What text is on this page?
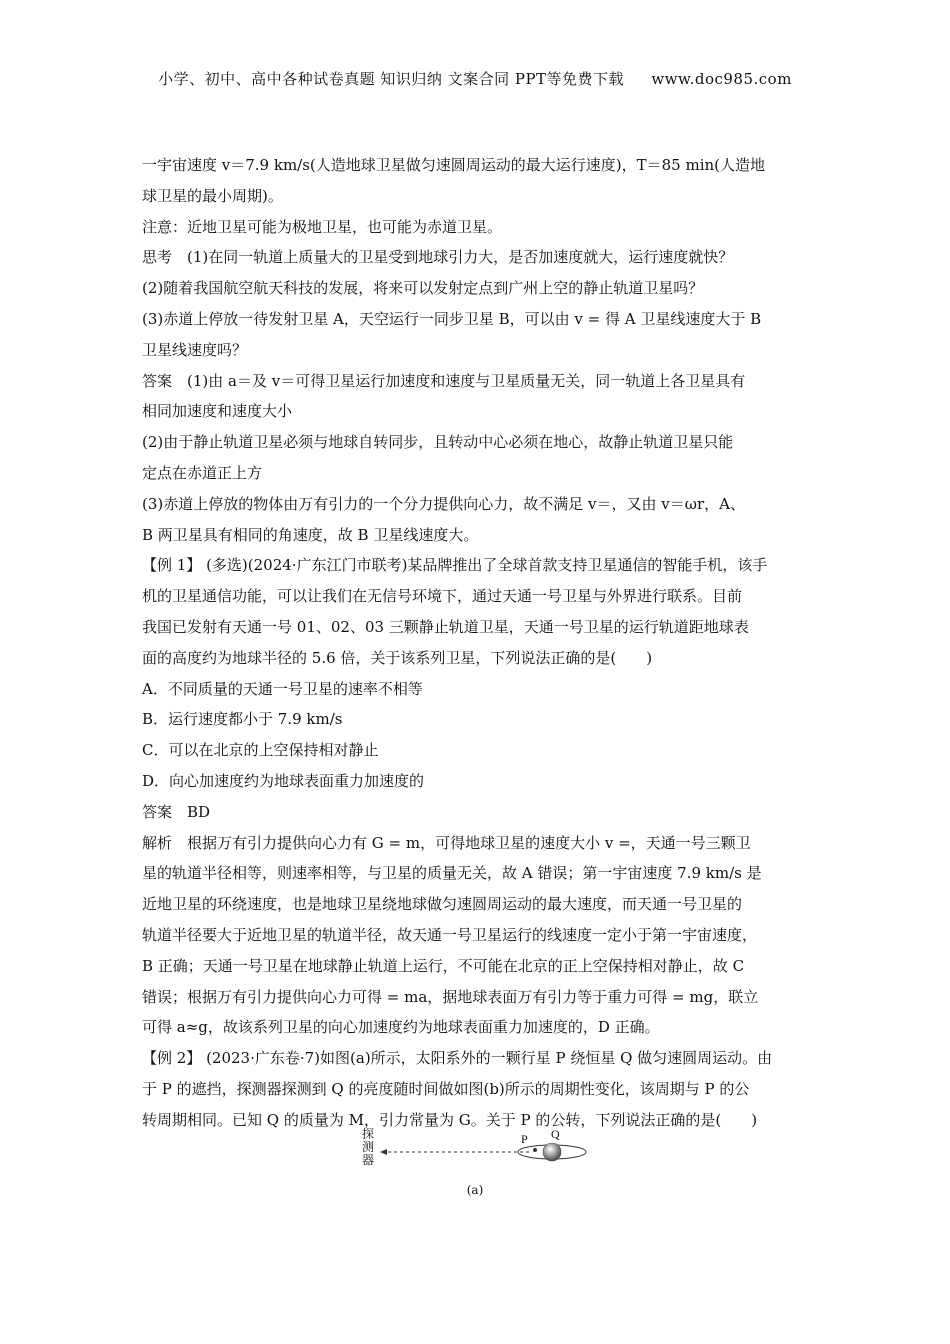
小学、初中、高中各种试卷真题 知识归纳 文案合同 PPT等免费下载 www.doc985.com

一宇宙速度 v＝7.9 km/s(人造地球卫星做匀速圆周运动的最大运行速度)，T＝85 min(人造地

球卫星的最小周期)。

注意：近地卫星可能为极地卫星，也可能为赤道卫星。

思考　(1)在同一轨道上质量大的卫星受到地球引力大，是否加速度就大，运行速度就快？

(2)随着我国航空航天科技的发展，将来可以发射定点到广州上空的静止轨道卫星吗？

(3)赤道上停放一待发射卫星 A，天空运行一同步卫星 B，可以由 v = 得 A 卫星线速度大于 B

卫星线速度吗？

答案　(1)由 a＝及 v＝可得卫星运行加速度和速度与卫星质量无关，同一轨道上各卫星具有

相同加速度和速度大小

(2)由于静止轨道卫星必须与地球自转同步，且转动中心必须在地心，故静止轨道卫星只能

定点在赤道正上方

(3)赤道上停放的物体由万有引力的一个分力提供向心力，故不满足 v＝，又由 v＝ωr，A、

B 两卫星具有相同的角速度，故 B 卫星线速度大。

【例 1】 (多选)(2024·广东江门市联考)某品牌推出了全球首款支持卫星通信的智能手机，该手

机的卫星通信功能，可以让我们在无信号环境下，通过天通一号卫星与外界进行联系。目前

我国已发射有天通一号 01、02、03 三颗静止轨道卫星，天通一号卫星的运行轨道距地球表

面的高度约为地球半径的 5.6 倍，关于该系列卫星，下列说法正确的是(　　)

A．不同质量的天通一号卫星的速率不相等

B．运行速度都小于 7.9 km/s

C．可以在北京的上空保持相对静止

D．向心加速度约为地球表面重力加速度的

答案　BD

解析　根据万有引力提供向心力有 G = m，可得地球卫星的速度大小 v =，天通一号三颗卫

星的轨道半径相等，则速率相等，与卫星的质量无关，故 A 错误；第一宇宙速度 7.9 km/s 是

近地卫星的环绕速度，也是地球卫星绕地球做匀速圆周运动的最大速度，而天通一号卫星的

轨道半径要大于近地卫星的轨道半径，故天通一号卫星运行的线速度一定小于第一宇宙速度，

B 正确；天通一号卫星在地球静止轨道上运行，不可能在北京的正上空保持相对静止，故 C

错误；根据万有引力提供向心力可得 = ma，据地球表面万有引力等于重力可得 = mg，联立

可得 a≈g，故该系列卫星的向心加速度约为地球表面重力加速度的，D 正确。

【例 2】 (2023·广东卷·7)如图(a)所示，太阳系外的一颗行星 P 绕恒星 Q 做匀速圆周运动。由

于 P 的遮挡，探测器探测到 Q 的亮度随时间做如图(b)所示的周期性变化，该周期与 P 的公

转周期相同。已知 Q 的质量为 M，引力常量为 G。关于 P 的公转，下列说法正确的是(　　)

探测器
P Q
(a)
